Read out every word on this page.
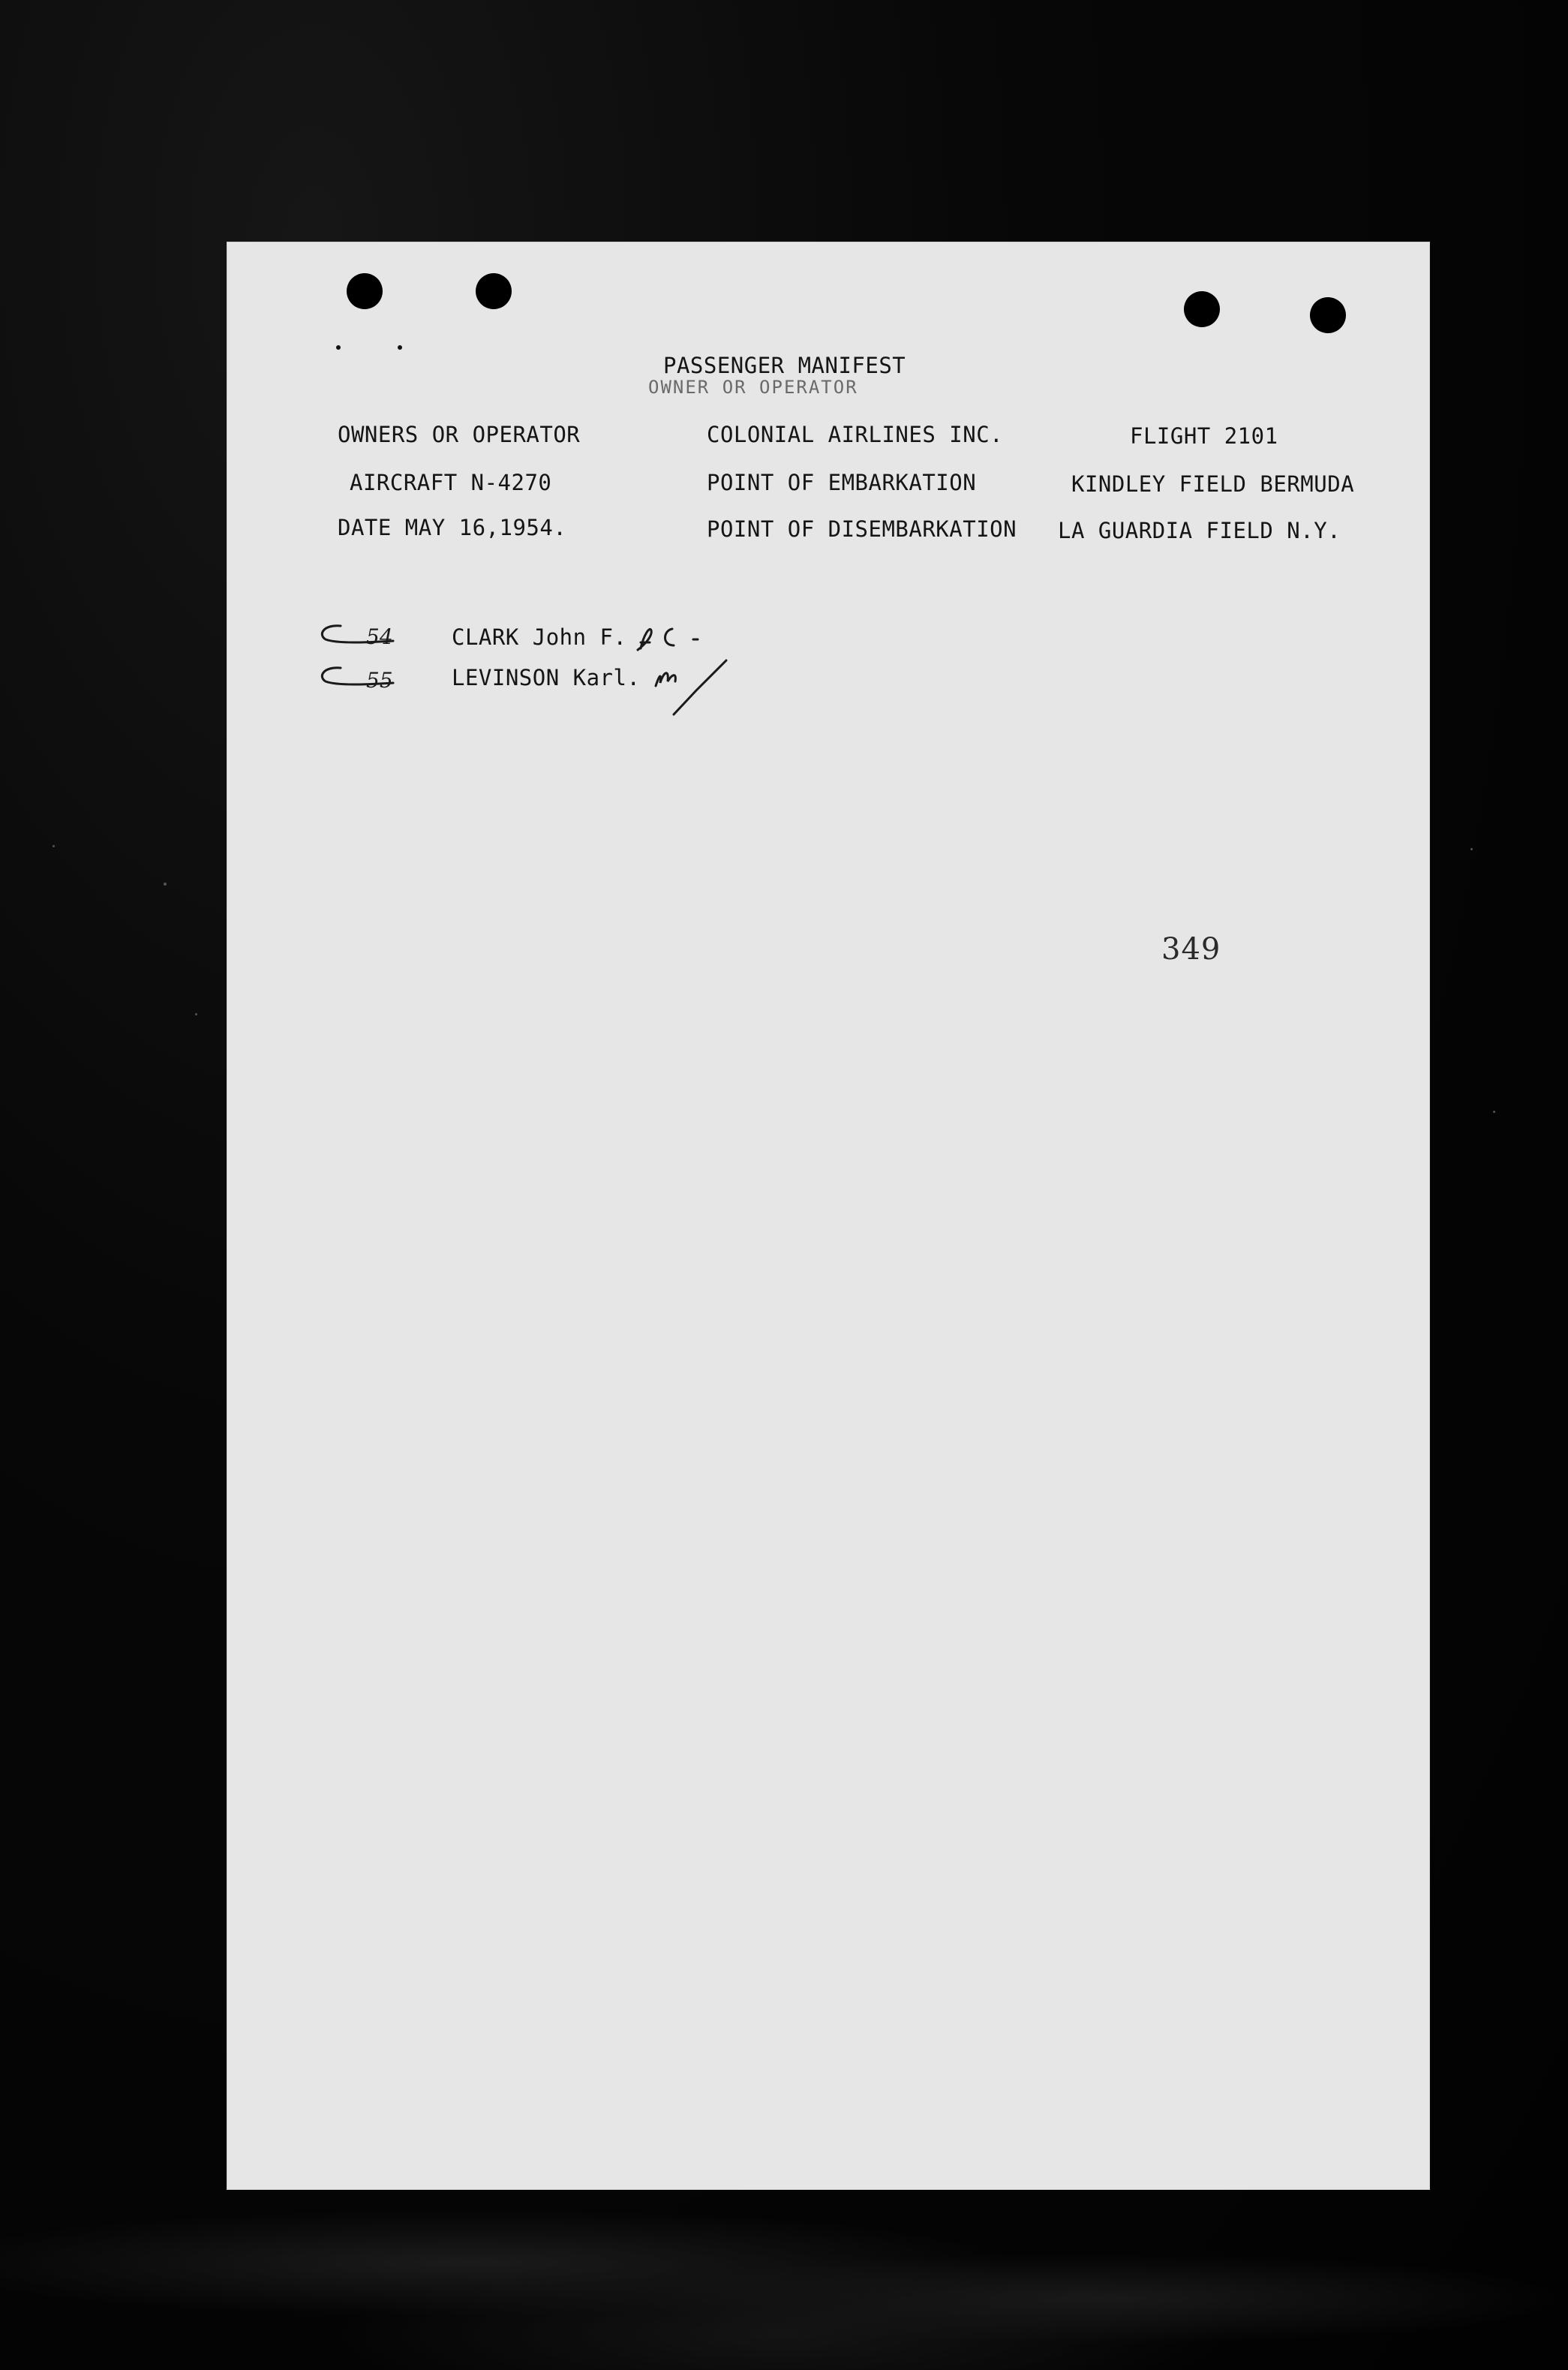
PASSENGER MANIFEST
OWNER OR OPERATOR
OWNERS OR OPERATOR	COLONIAL AIRLINES INC.	FLIGHT 2101
AIRCRAFT N-4270	POINT OF EMBARKATION	KINDLEY FIELD BERMUDA
DATE MAY 16,1954.	POINT OF DISEMBARKATION LA GUARDIA FIELD N.Y.
54	CLARK John F.
55	LEVINSON Karl.
349
